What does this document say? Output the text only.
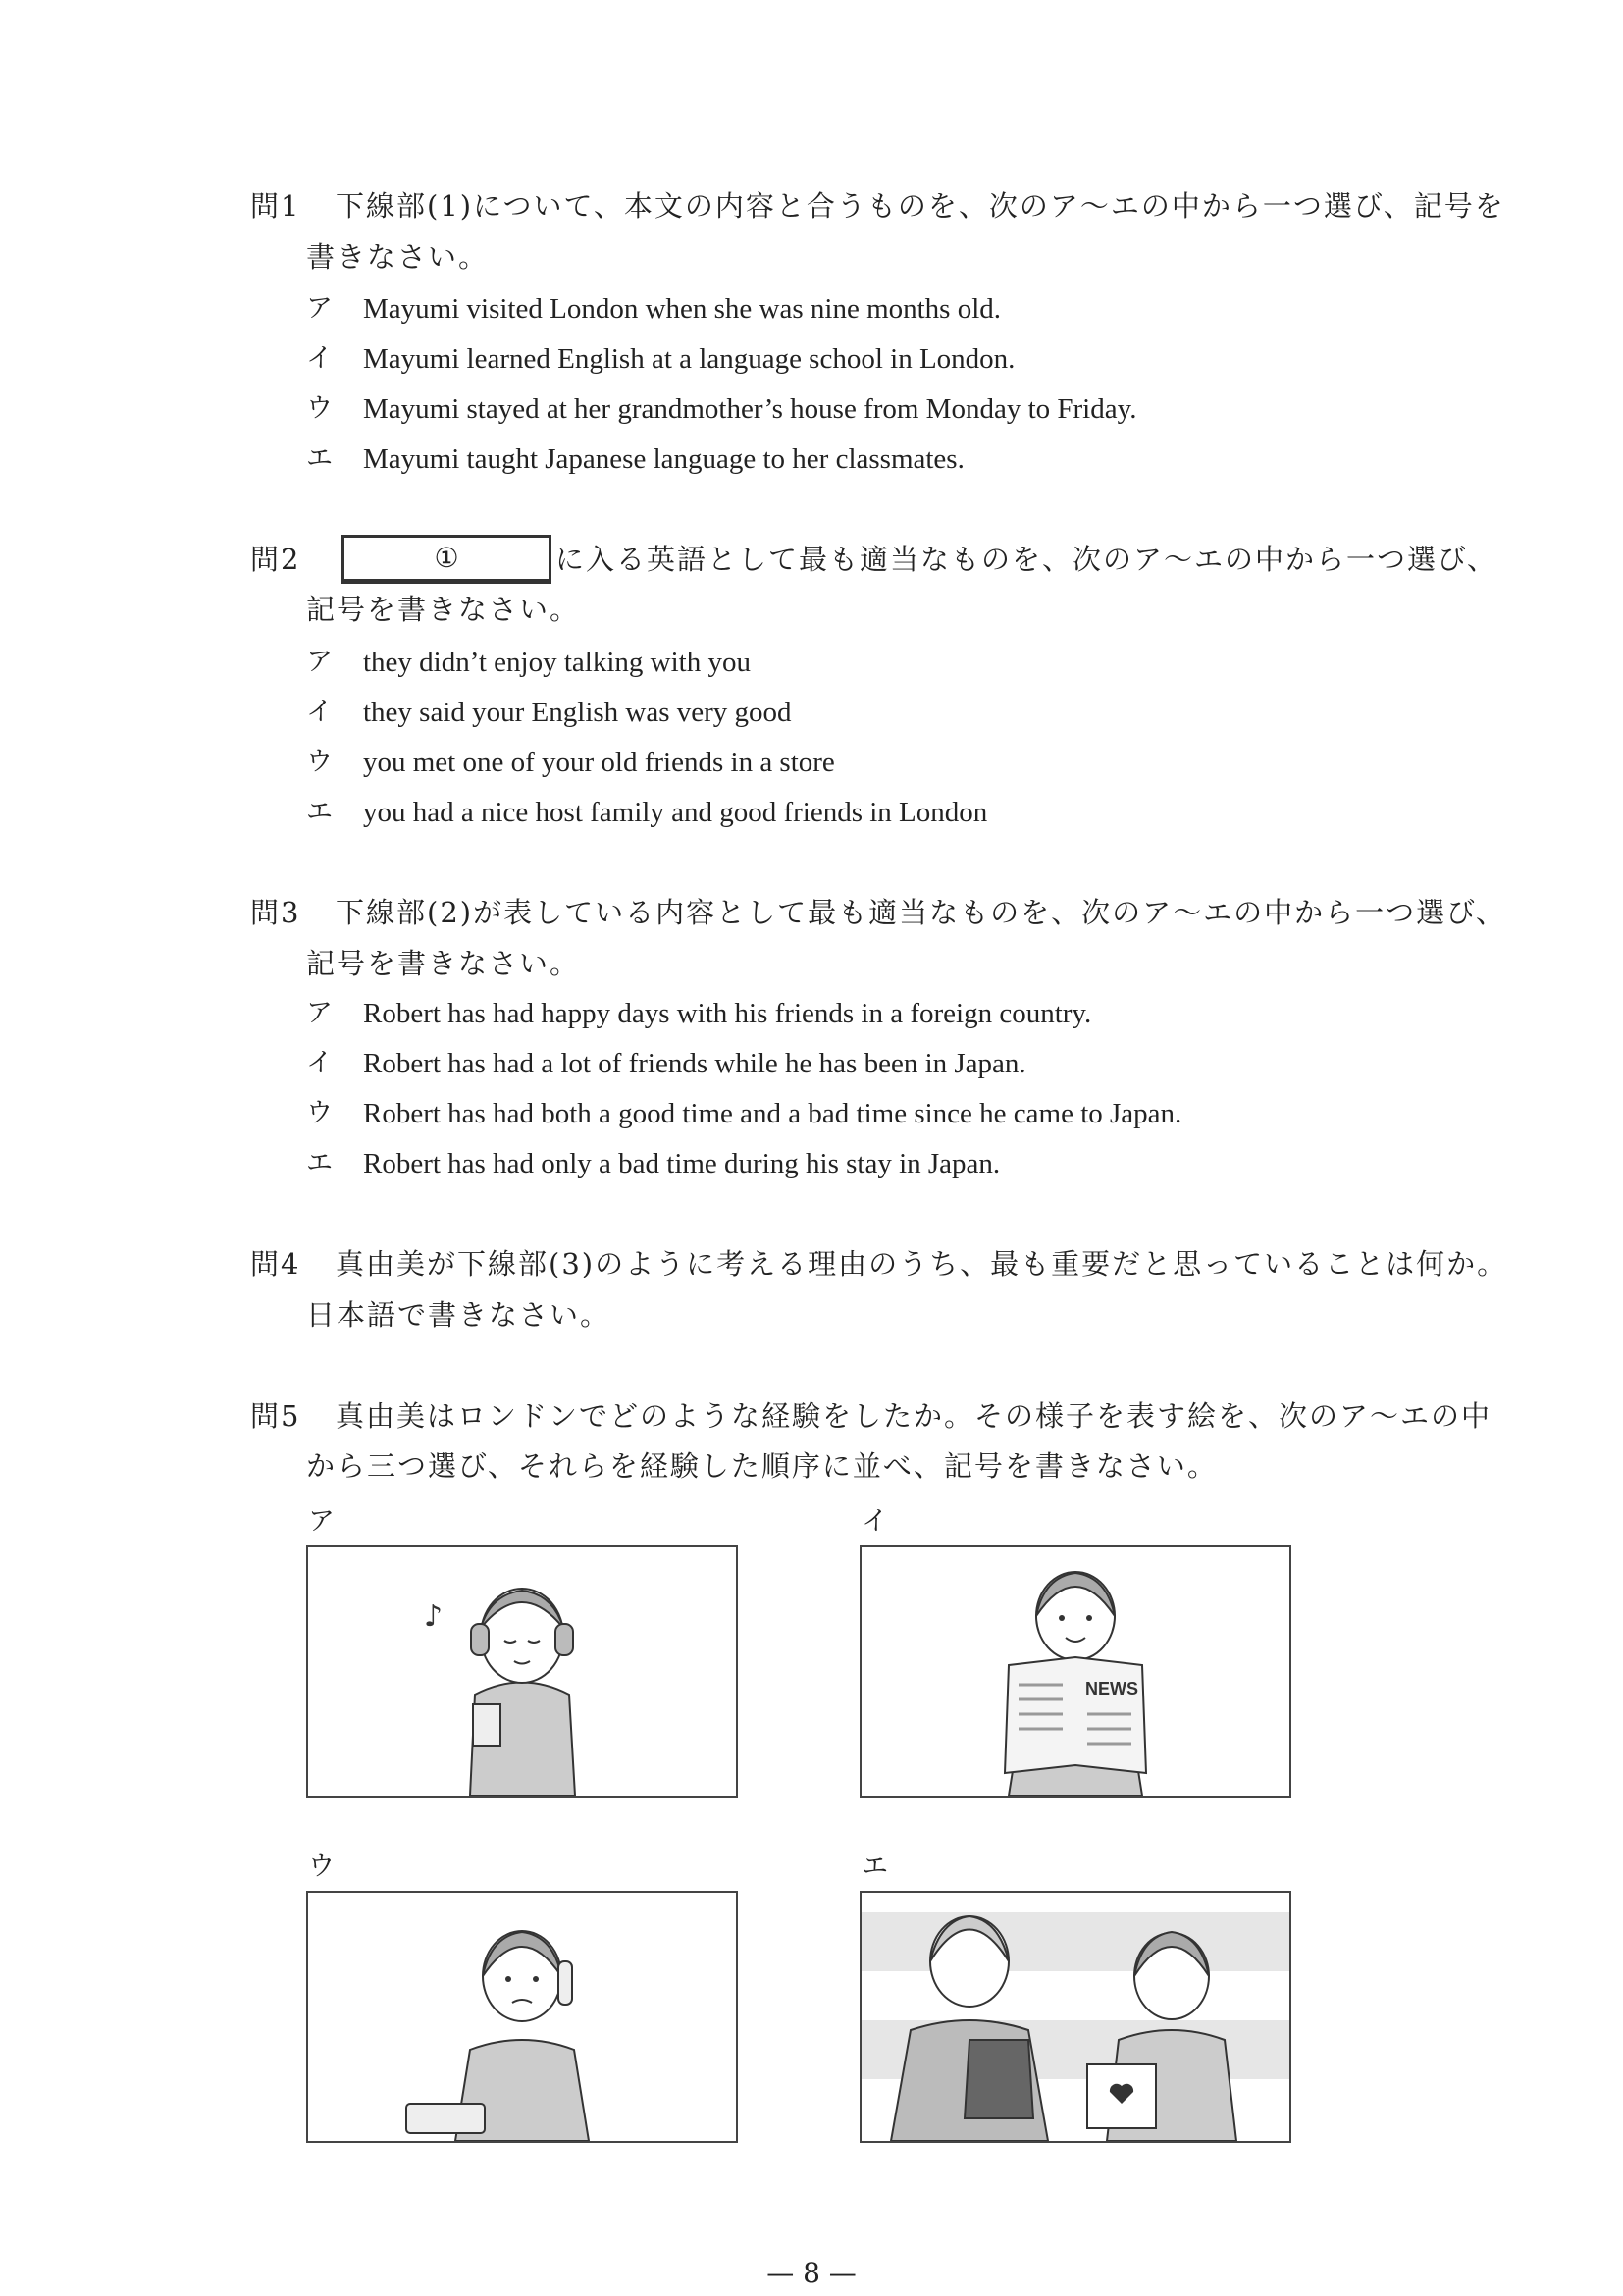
問1 下線部(1)について、本文の内容と合うものを、次のア～エの中から一つ選び、記号を
書きなさい。
ア Mayumi visited London when she was nine months old.
イ Mayumi learned English at a language school in London.
ウ Mayumi stayed at her grandmother’s house from Monday to Friday.
エ Mayumi taught Japanese language to her classmates.
問2	①	に入る英語として最も適当なものを、次のア～エの中から一つ選び、
記号を書きなさい。
ア they didn’t enjoy talking with you
イ they said your English was very good
ウ you met one of your old friends in a store
エ you had a nice host family and good friends in London
問3 下線部(2)が表している内容として最も適当なものを、次のア～エの中から一つ選び、
記号を書きなさい。
ア Robert has had happy days with his friends in a foreign country.
イ Robert has had a lot of friends while he has been in Japan.
ウ Robert has had both a good time and a bad time since he came to Japan.
エ Robert has had only a bad time during his stay in Japan.
問4 真由美が下線部(3)のように考える理由のうち、最も重要だと思っていることは何か。
日本語で書きなさい。
問5 真由美はロンドンでどのような経験をしたか。その様子を表す絵を、次のア～エの中
から三つ選び、それらを経験した順序に並べ、記号を書きなさい。
ア
♪
イ
NEWS
ウ	エ
— 8 —
